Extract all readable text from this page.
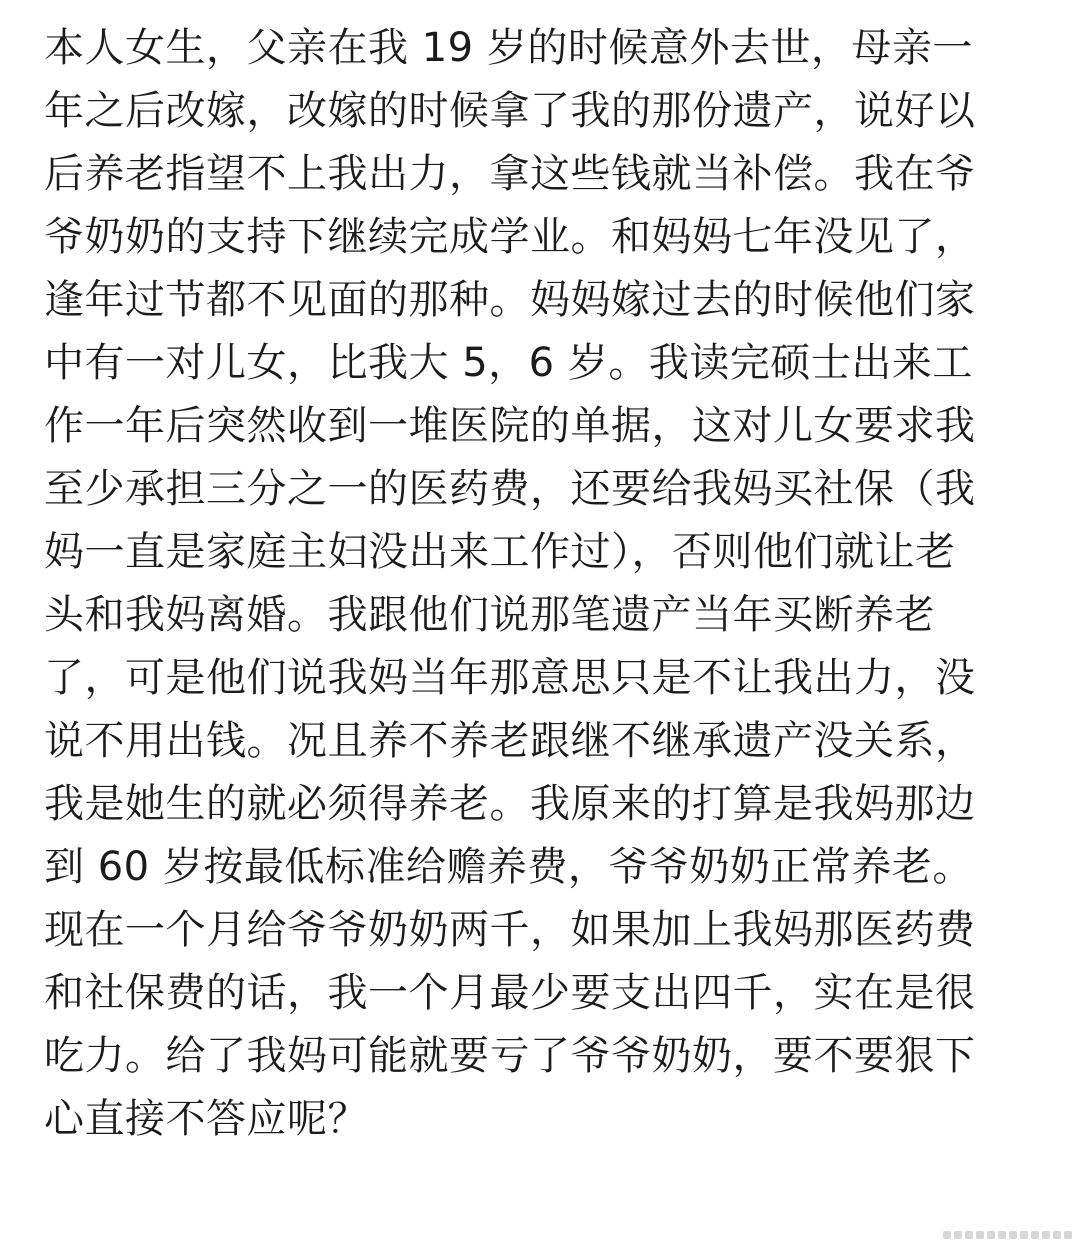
本人女生，父亲在我 19 岁的时候意外去世，母亲一
年之后改嫁，改嫁的时候拿了我的那份遗产，说好以
后养老指望不上我出力，拿这些钱就当补偿。我在爷
爷奶奶的支持下继续完成学业。和妈妈七年没见了，
逢年过节都不见面的那种。妈妈嫁过去的时候他们家
中有一对儿女，比我大 5，6 岁。我读完硕士出来工
作一年后突然收到一堆医院的单据，这对儿女要求我
至少承担三分之一的医药费，还要给我妈买社保（我
妈一直是家庭主妇没出来工作过），否则他们就让老
头和我妈离婚。我跟他们说那笔遗产当年买断养老
了，可是他们说我妈当年那意思只是不让我出力，没
说不用出钱。况且养不养老跟继不继承遗产没关系，
我是她生的就必须得养老。我原来的打算是我妈那边
到 60 岁按最低标准给赡养费，爷爷奶奶正常养老。
现在一个月给爷爷奶奶两千，如果加上我妈那医药费
和社保费的话，我一个月最少要支出四千，实在是很
吃力。给了我妈可能就要亏了爷爷奶奶，要不要狠下
心直接不答应呢？
